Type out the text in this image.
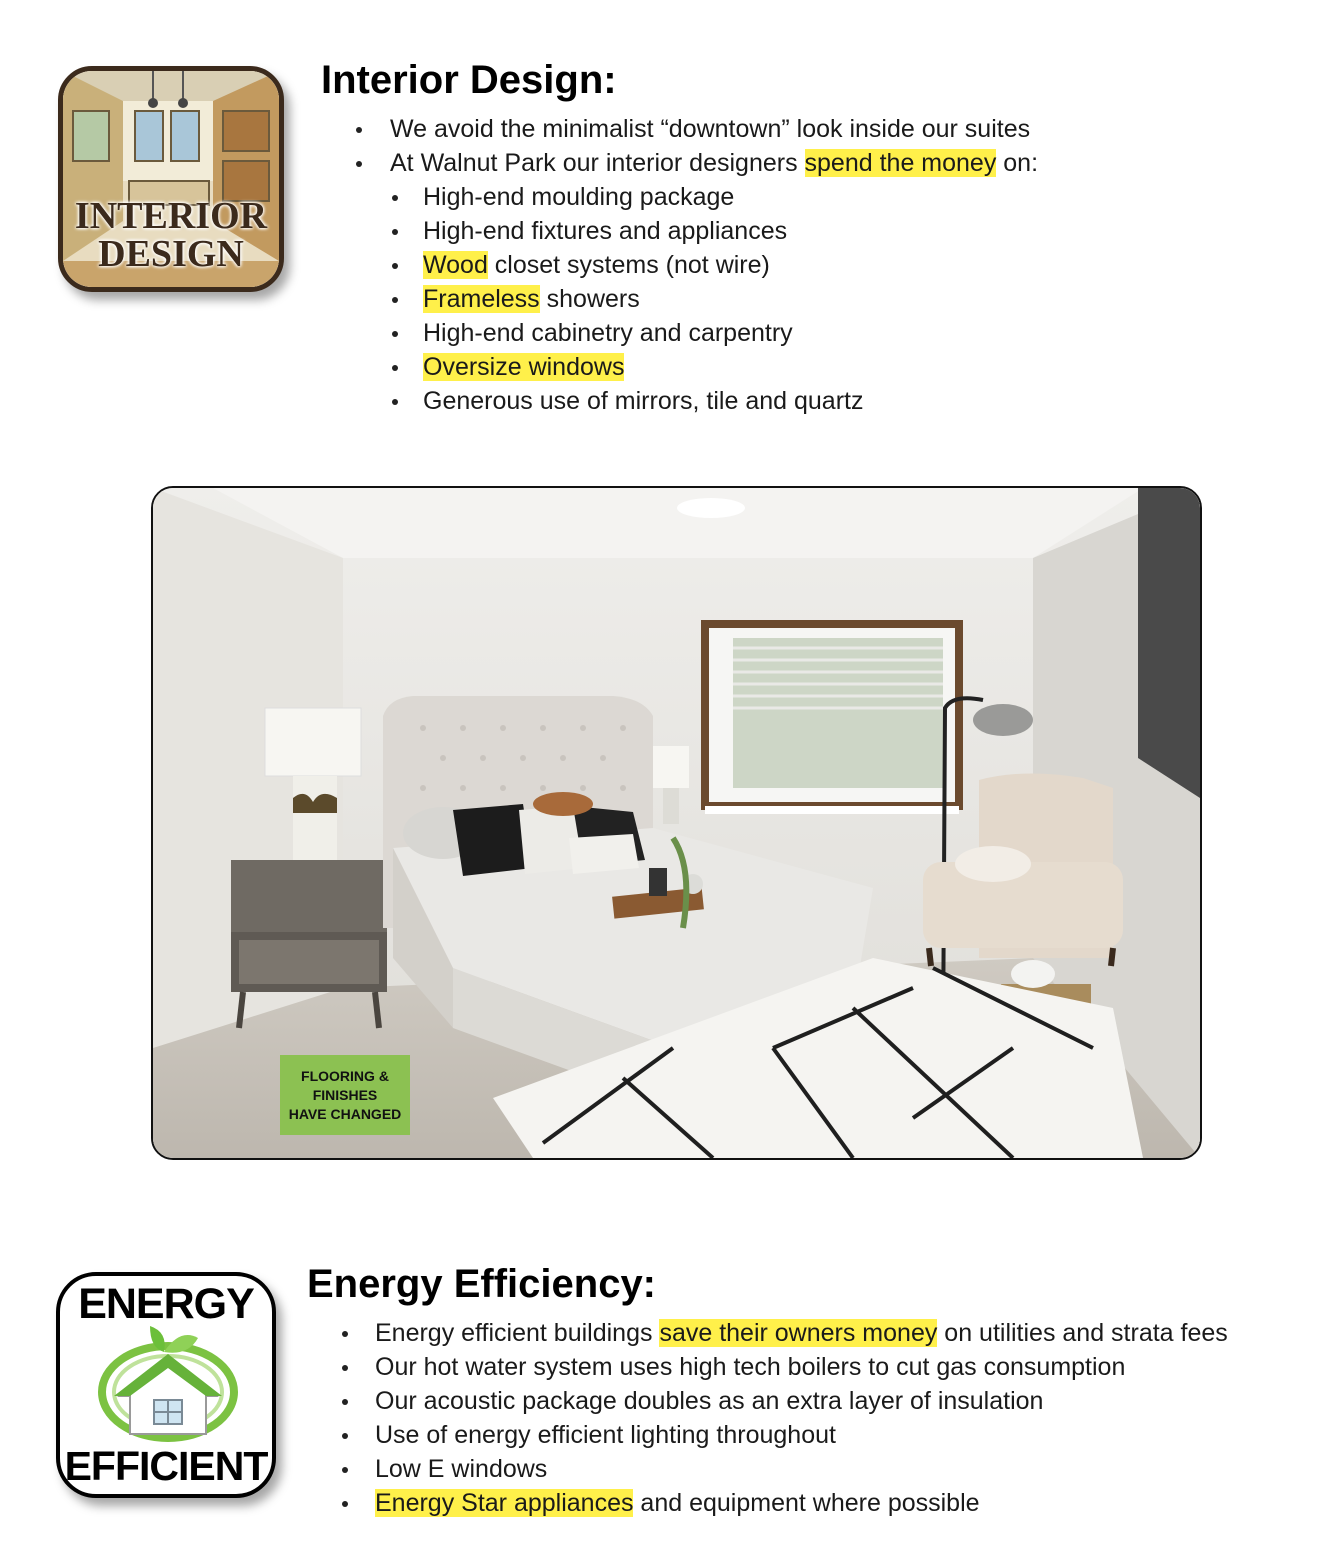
INTERIOR
DESIGN
Interior Design:
We avoid the minimalist “downtown” look inside our suites
At Walnut Park our interior designers spend the money on:
High-end moulding package
High-end fixtures and appliances
Wood closet systems (not wire)
Frameless showers
High-end cabinetry and carpentry
Oversize windows
Generous use of mirrors, tile and quartz
FLOORING &
FINISHES
HAVE CHANGED
ENERGY
EFFICIENT
Energy Efficiency:
Energy efficient buildings save their owners money on utilities and strata fees
Our hot water system uses high tech boilers to cut gas consumption
Our acoustic package doubles as an extra layer of insulation
Use of energy efficient lighting throughout
Low E windows
Energy Star appliances and equipment where possible
